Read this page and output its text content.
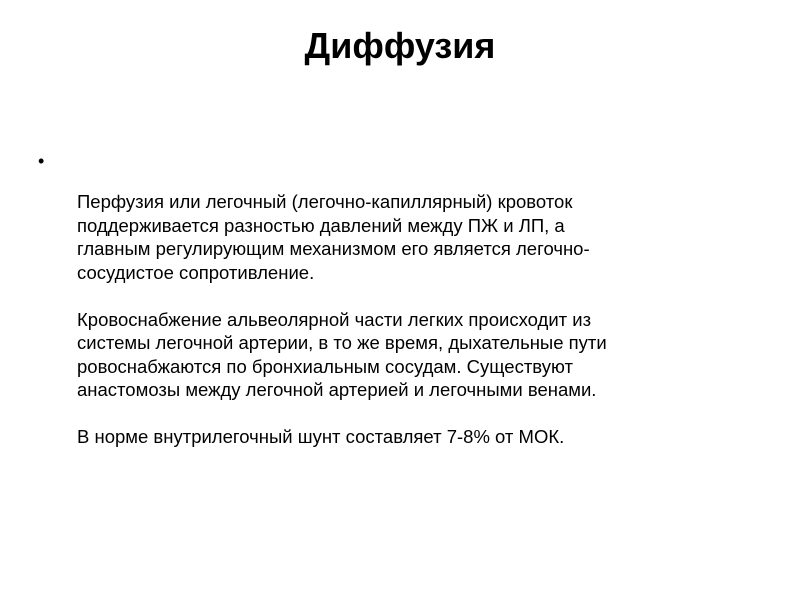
Диффузия
•

Перфузия или легочный (легочно-капиллярный) кровоток
поддерживается разностью давлений между ПЖ и ЛП, а
главным регулирующим механизмом его является легочно-
сосудистое сопротивление.

Кровоснабжение альвеолярной части легких происходит из
системы легочной артерии, в то же время, дыхательные пути
ровоснабжаются по бронхиальным сосудам. Существуют
анастомозы между легочной артерией и легочными венами.

В норме внутрилегочный шунт составляет 7-8% от МОК.
